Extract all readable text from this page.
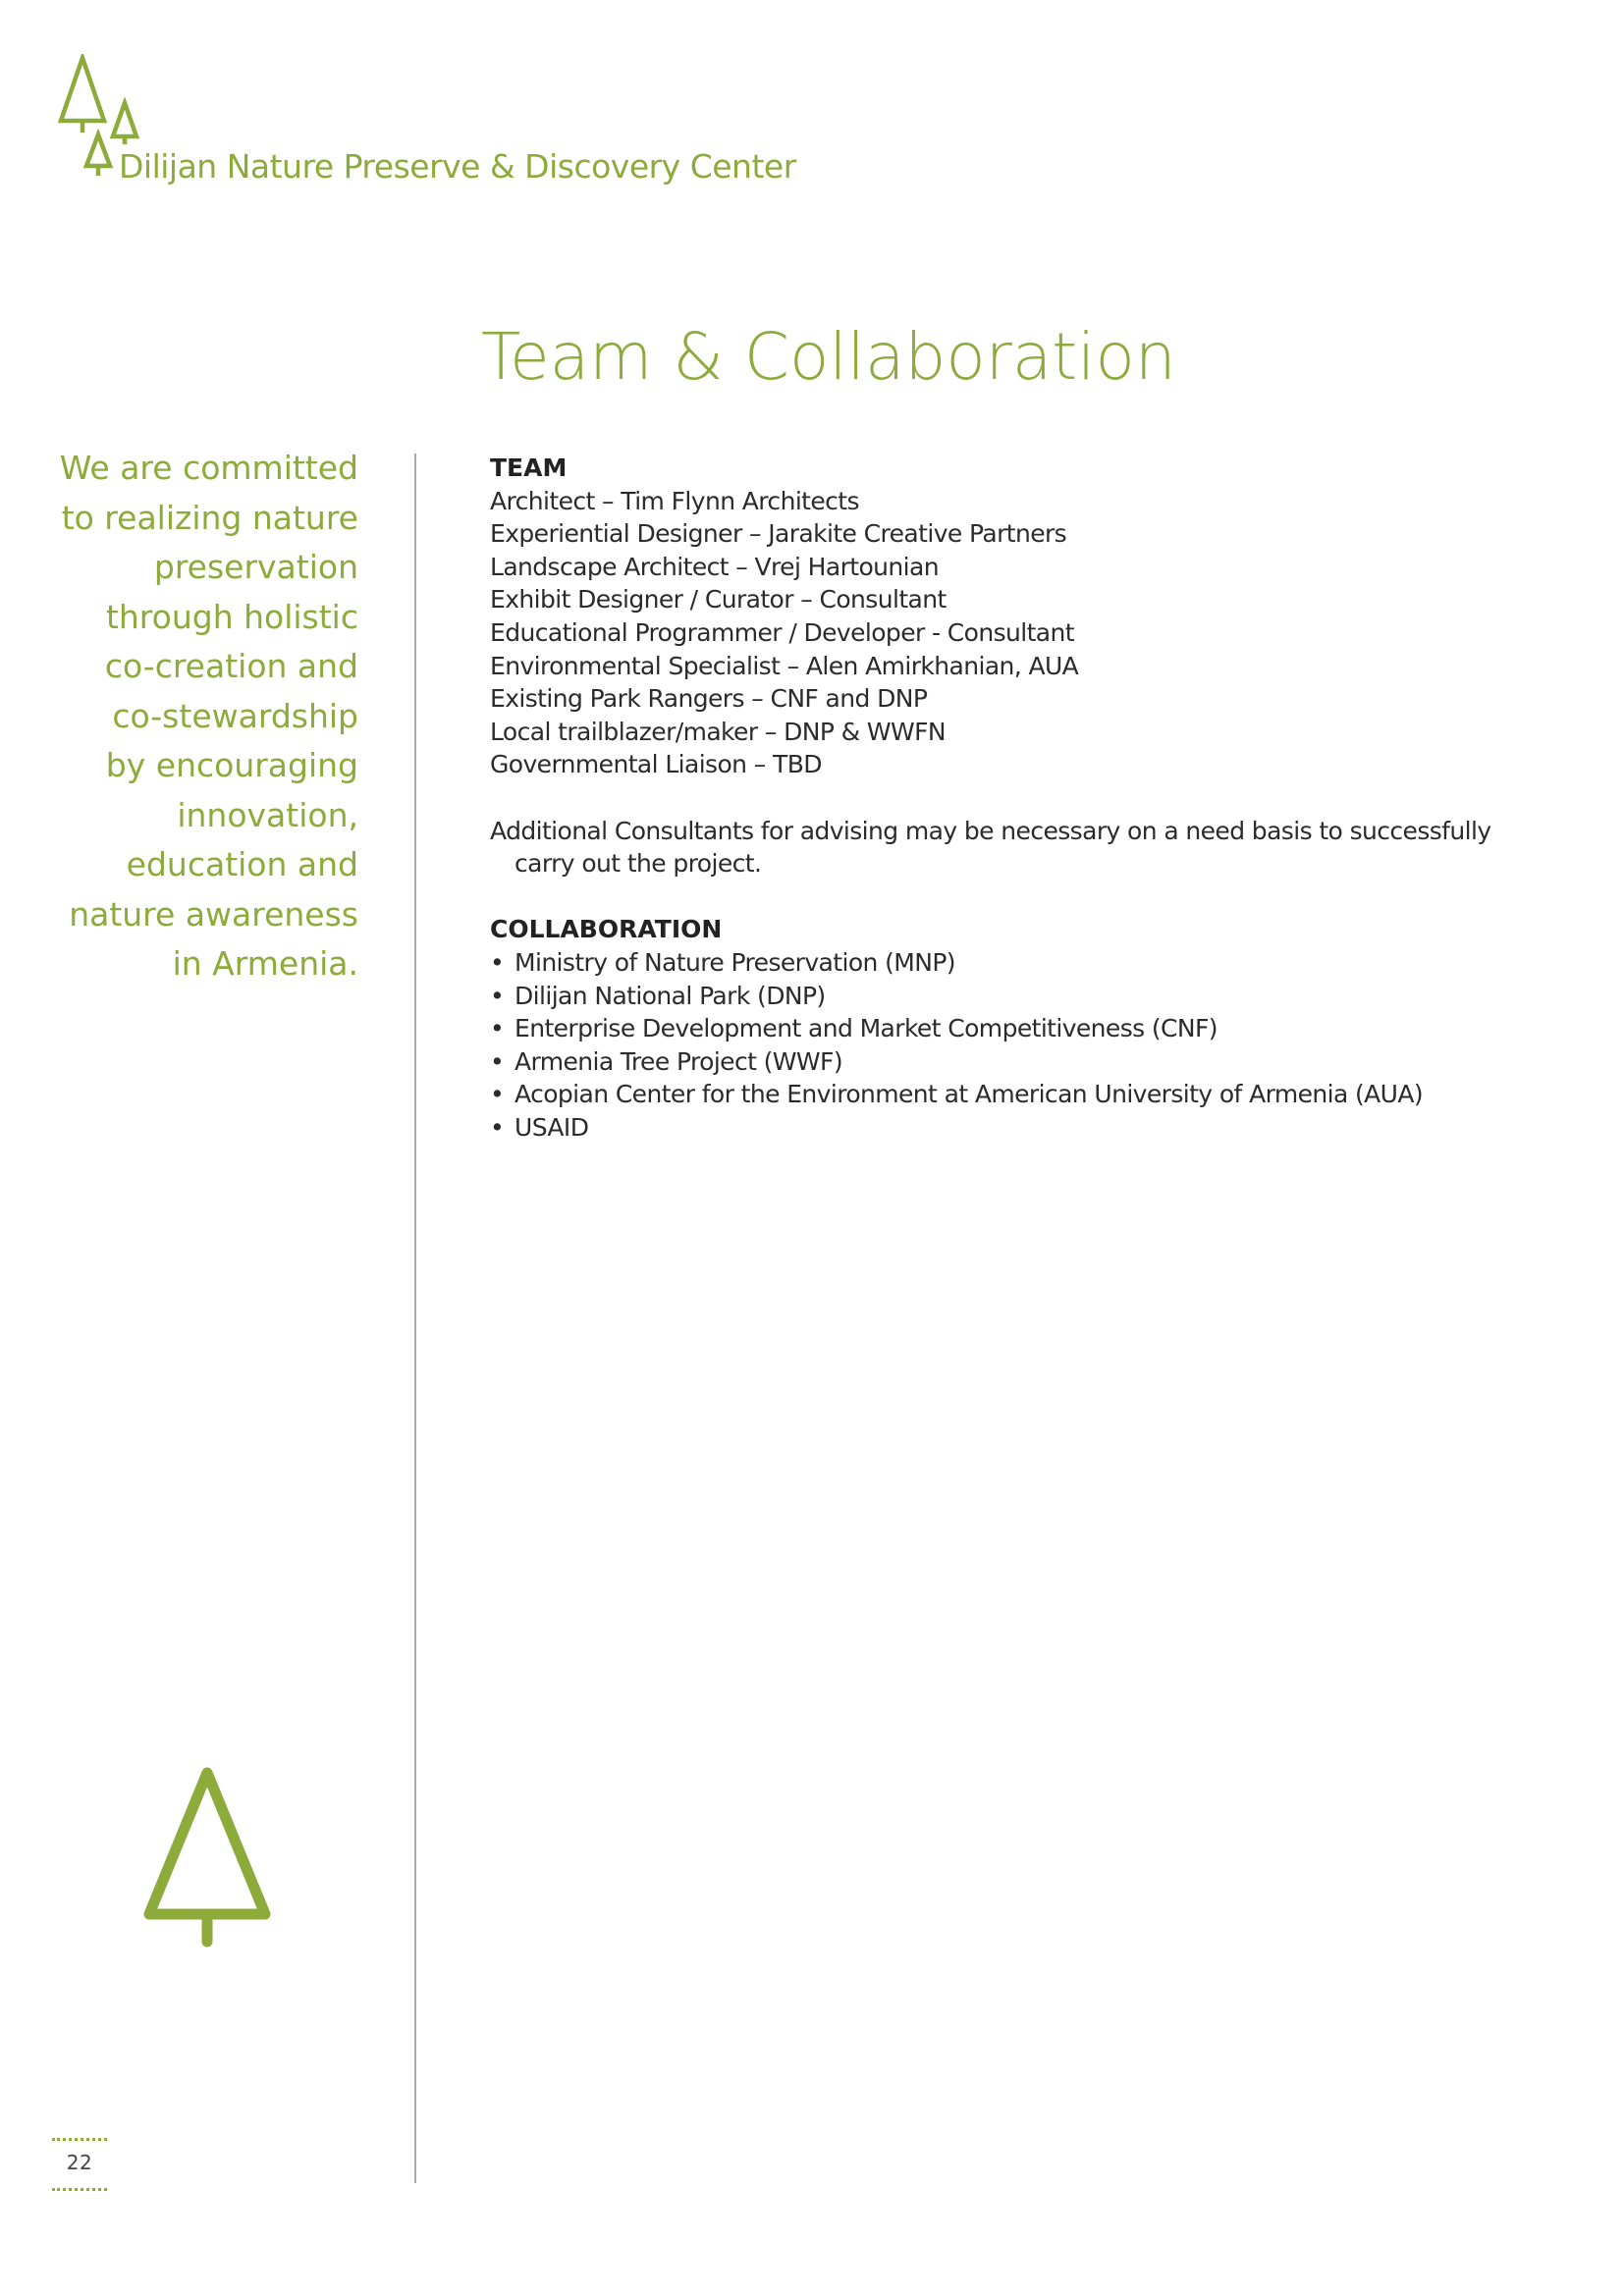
Dilijan Nature Preserve & Discovery Center
Team & Collaboration
We are committed
to realizing nature
preservation
through holistic
co-creation and
co-stewardship
by encouraging
innovation,
education and
nature awareness
in Armenia.
TEAM
Architect – Tim Flynn Architects
Experiential Designer – Jarakite Creative Partners
Landscape Architect – Vrej Hartounian
Exhibit Designer / Curator – Consultant
Educational Programmer / Developer - Consultant
Environmental Specialist – Alen Amirkhanian, AUA
Existing Park Rangers – CNF and DNP
Local trailblazer/maker – DNP & WWFN
Governmental Liaison – TBD
Additional Consultants for advising may be necessary on a need basis to successfully
carry out the project.
COLLABORATION
• Ministry of Nature Preservation (MNP)
• Dilijan National Park (DNP)
• Enterprise Development and Market Competitiveness (CNF)
• Armenia Tree Project (WWF)
• Acopian Center for the Environment at American University of Armenia (AUA)
• USAID
22
